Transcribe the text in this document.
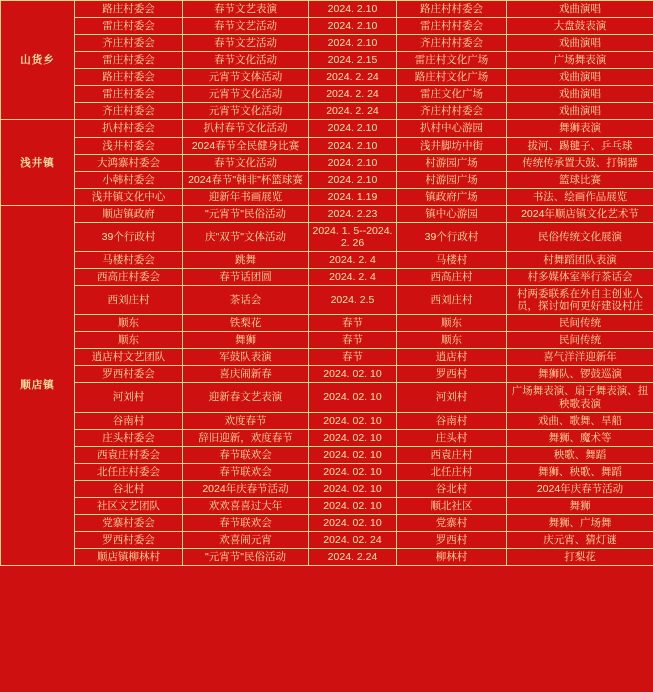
山货乡	路庄村委会	春节文艺表演	2024. 2.10	路庄村村委会	戏曲演唱
	雷庄村委会	春节文艺活动	2024. 2.10	雷庄村村委会	大盘鼓表演
	齐庄村委会	春节文艺活动	2024. 2.10	齐庄村村委会	戏曲演唱
	雷庄村委会	春节文化活动	2024. 2.15	雷庄村文化广场	广场舞表演
	路庄村委会	元宵节文体活动	2024. 2. 24	路庄村文化广场	戏曲演唱
	雷庄村委会	元宵节文化活动	2024. 2. 24	雷庄文化广场	戏曲演唱
	齐庄村委会	元宵节文化活动	2024. 2. 24	齐庄村村委会	戏曲演唱
浅井镇	扒村村委会	扒村春节文化活动	2024. 2.10	扒村中心游园	舞狮表演
	浅井村委会	2024春节全民健身比赛	2024. 2.10	浅井脚坊中街	拔河、踢毽子、乒乓球
	大鸿寨村委会	春节文化活动	2024. 2.10	村游园广场	传统传承置大鼓、打铜器
	小韩村委会	2024春节"韩非"杯篮球赛	2024. 2.10	村游园广场	篮球比赛
	浅井镇文化中心	迎新年书画展览	2024. 1.19	镇政府广场	书法、绘画作品展览
顺店镇	顺店镇政府	"元宵节"民俗活动	2024. 2.23	镇中心游园	2024年顺店镇文化艺术节
	39个行政村	庆"双节"文体活动	2024. 1. 5--2024. 2. 26	39个行政村	民俗传统文化展演
	马楼村委会	跳舞	2024. 2. 4	马楼村	村舞蹈团队表演
	西高庄村委会	春节话团圆	2024. 2. 4	西高庄村	村多媒体室举行茶话会
	西刘庄村	茶话会	2024. 2.5	西刘庄村	村两委联系在外自主创业人员，探讨如何更好建设村庄
	顺东	铁梨花	春节	顺东	民间传统
	顺东	舞狮	春节	顺东	民间传统
	逍店村文艺团队	军鼓队表演	春节	逍店村	喜气洋洋迎新年
	罗西村委会	喜庆闹新春	2024. 02. 10	罗西村	舞狮队、锣鼓巡演
	河刘村	迎新春文艺表演	2024. 02. 10	河刘村	广场舞表演、扇子舞表演、扭秧歌表演
	谷南村	欢度春节	2024. 02. 10	谷南村	戏曲、歌舞、旱船
	庄头村委会	辞旧迎新，欢度春节	2024. 02. 10	庄头村	舞狮、魔术等
	西袁庄村委会	春节联欢会	2024. 02. 10	西袁庄村	秧歌、舞蹈
	北任庄村委会	春节联欢会	2024. 02. 10	北任庄村	舞狮、秧歌、舞蹈
	谷北村	2024年庆春节活动	2024. 02. 10	谷北村	2024年庆春节活动
	社区文艺团队	欢欢喜喜过大年	2024. 02. 10	顺北社区	舞狮
	党寨村委会	春节联欢会	2024. 02. 10	党寨村	舞狮、广场舞
	罗西村委会	欢喜闹元宵	2024. 02. 24	罗西村	庆元宵、猜灯谜
	顺店镇柳林村	"元宵节"民俗活动	2024. 2.24	柳林村	打梨花
